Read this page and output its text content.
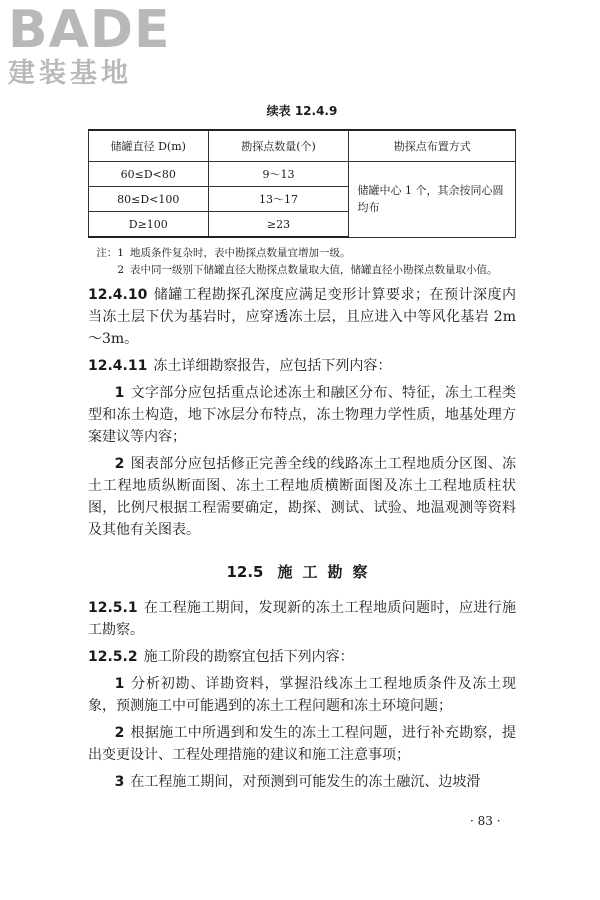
BADE
建装基地
续表 12.4.9
储罐直径 D(m)	勘探点数量(个)	勘探点布置方式
60≤D<80	9～13	储罐中心 1 个，其余按同心圆均布
80≤D<100	13～17	
D≥100	≥23	
注：1 地质条件复杂时，表中勘探点数量宜增加一级。
2 表中同一级别下储罐直径大勘探点数量取大值，储罐直径小勘探点数量取小值。

12.4.10 储罐工程勘探孔深度应满足变形计算要求；在预计深度内当冻土层下伏为基岩时，应穿透冻土层，且应进入中等风化基岩 2m～3m。

12.4.11 冻土详细勘察报告，应包括下列内容：

1 文字部分应包括重点论述冻土和融区分布、特征，冻土工程类型和冻土构造，地下冰层分布特点，冻土物理力学性质，地基处理方案建议等内容；

2 图表部分应包括修正完善全线的线路冻土工程地质分区图、冻土工程地质纵断面图、冻土工程地质横断面图及冻土工程地质柱状图，比例尺根据工程需要确定，勘探、测试、试验、地温观测等资料及其他有关图表。

12.5 施工勘察

12.5.1 在工程施工期间，发现新的冻土工程地质问题时，应进行施工勘察。

12.5.2 施工阶段的勘察宜包括下列内容：

1 分析初勘、详勘资料，掌握沿线冻土工程地质条件及冻土现象，预测施工中可能遇到的冻土工程问题和冻土环境问题；

2 根据施工中所遇到和发生的冻土工程问题，进行补充勘察，提出变更设计、工程处理措施的建议和施工注意事项；

3 在工程施工期间，对预测到可能发生的冻土融沉、边坡滑

· 83 ·
